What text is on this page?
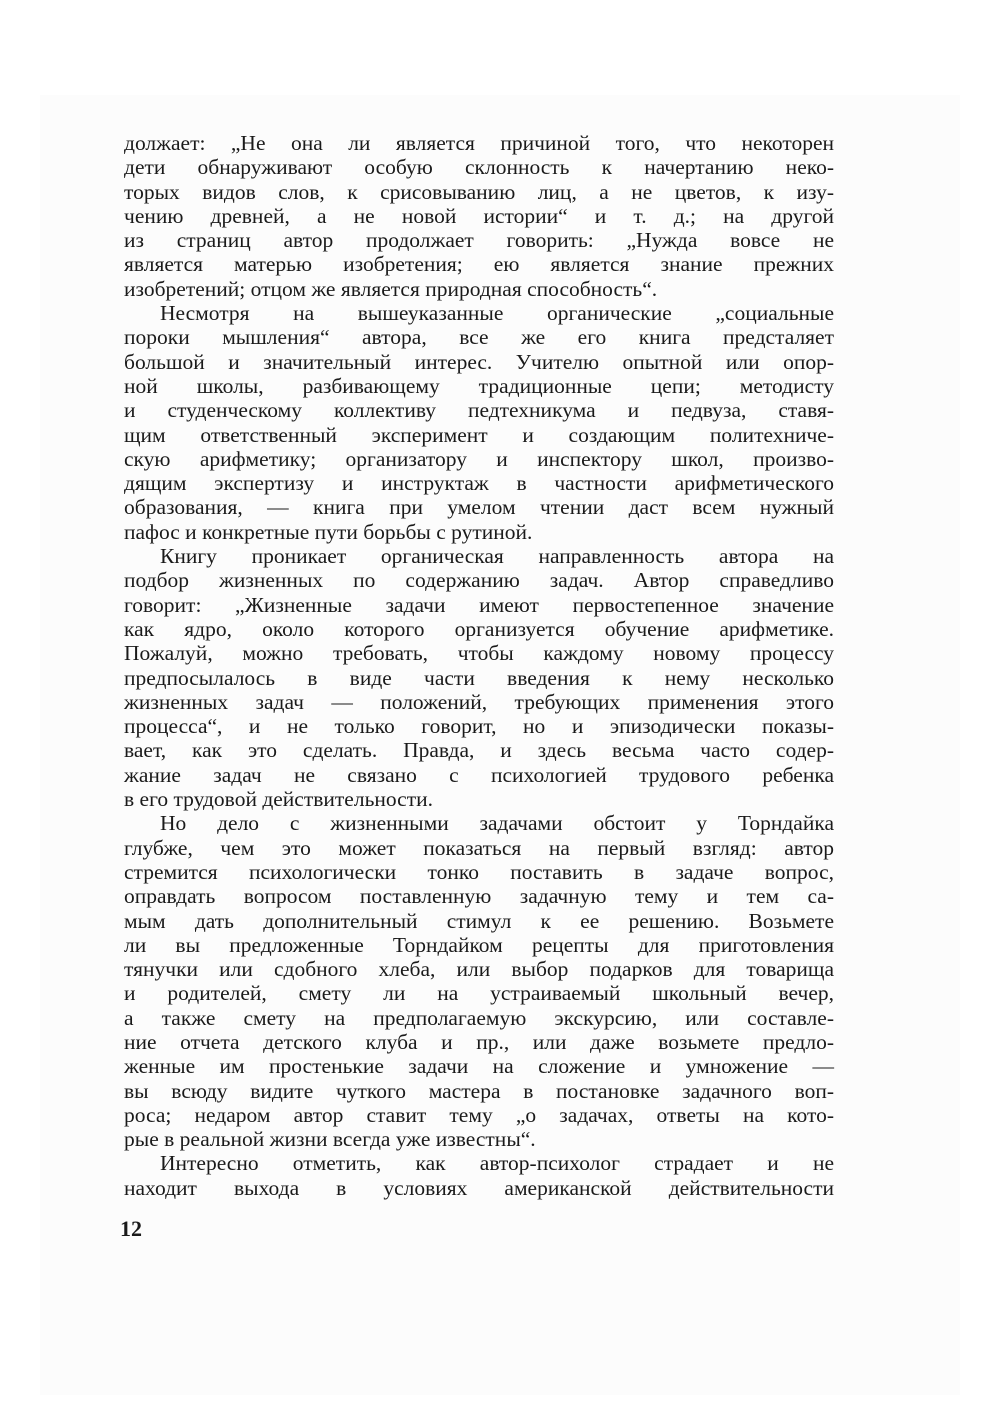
должает: „Не она ли является причиной того, что некоторен
дети обнаруживают особую склонность к начертанию неко-
торых видов слов, к срисовыванию лиц, а не цветов, к изу-
чению древней, а не новой истории“ и т. д.; на другой
из страниц автор продолжает говорить: „Нужда вовсе не
является матерью изобретения; ею является знание прежних
изобретений; отцом же является природная способность“.
Несмотря на вышеуказанные органические „социальные
пороки мышления“ автора, все же его книга предсталяет
большой и значительный интерес. Учителю опытной или опор-
ной школы, разбивающему традиционные цепи; методисту
и студенческому коллективу педтехникума и педвуза, ставя-
щим ответственный эксперимент и создающим политехниче-
скую арифметику; организатору и инспектору школ, произво-
дящим экспертизу и инструктаж в частности арифметического
образования, — книга при умелом чтении даст всем нужный
пафос и конкретные пути борьбы с рутиной.
Книгу проникает органическая направленность автора на
подбор жизненных по содержанию задач. Автор справедливо
говорит: „Жизненные задачи имеют первостепенное значение
как ядро, около которого организуется обучение арифметике.
Пожалуй, можно требовать, чтобы каждому новому процессу
предпосылалось в виде части введения к нему несколько
жизненных задач — положений, требующих применения этого
процесса“, и не только говорит, но и эпизодически показы-
вает, как это сделать. Правда, и здесь весьма часто содер-
жание задач не связано с психологией трудового ребенка
в его трудовой действительности.
Но дело с жизненными задачами обстоит у Торндайка
глубже, чем это может показаться на первый взгляд: автор
стремится психологически тонко поставить в задаче вопрос,
оправдать вопросом поставленную задачную тему и тем са-
мым дать дополнительный стимул к ее решению. Возьмете
ли вы предложенные Торндайком рецепты для приготовления
тянучки или сдобного хлеба, или выбор подарков для товарища
и родителей, смету ли на устраиваемый школьный вечер,
а также смету на предполагаемую экскурсию, или составле-
ние отчета детского клуба и пр., или даже возьмете предло-
женные им простенькие задачи на сложение и умножение —
вы всюду видите чуткого мастера в постановке задачного воп-
роса; недаром автор ставит тему „о задачах, ответы на кото-
рые в реальной жизни всегда уже известны“.
Интересно отметить, как автор-психолог страдает и не
находит выхода в условиях американской действительности
12
